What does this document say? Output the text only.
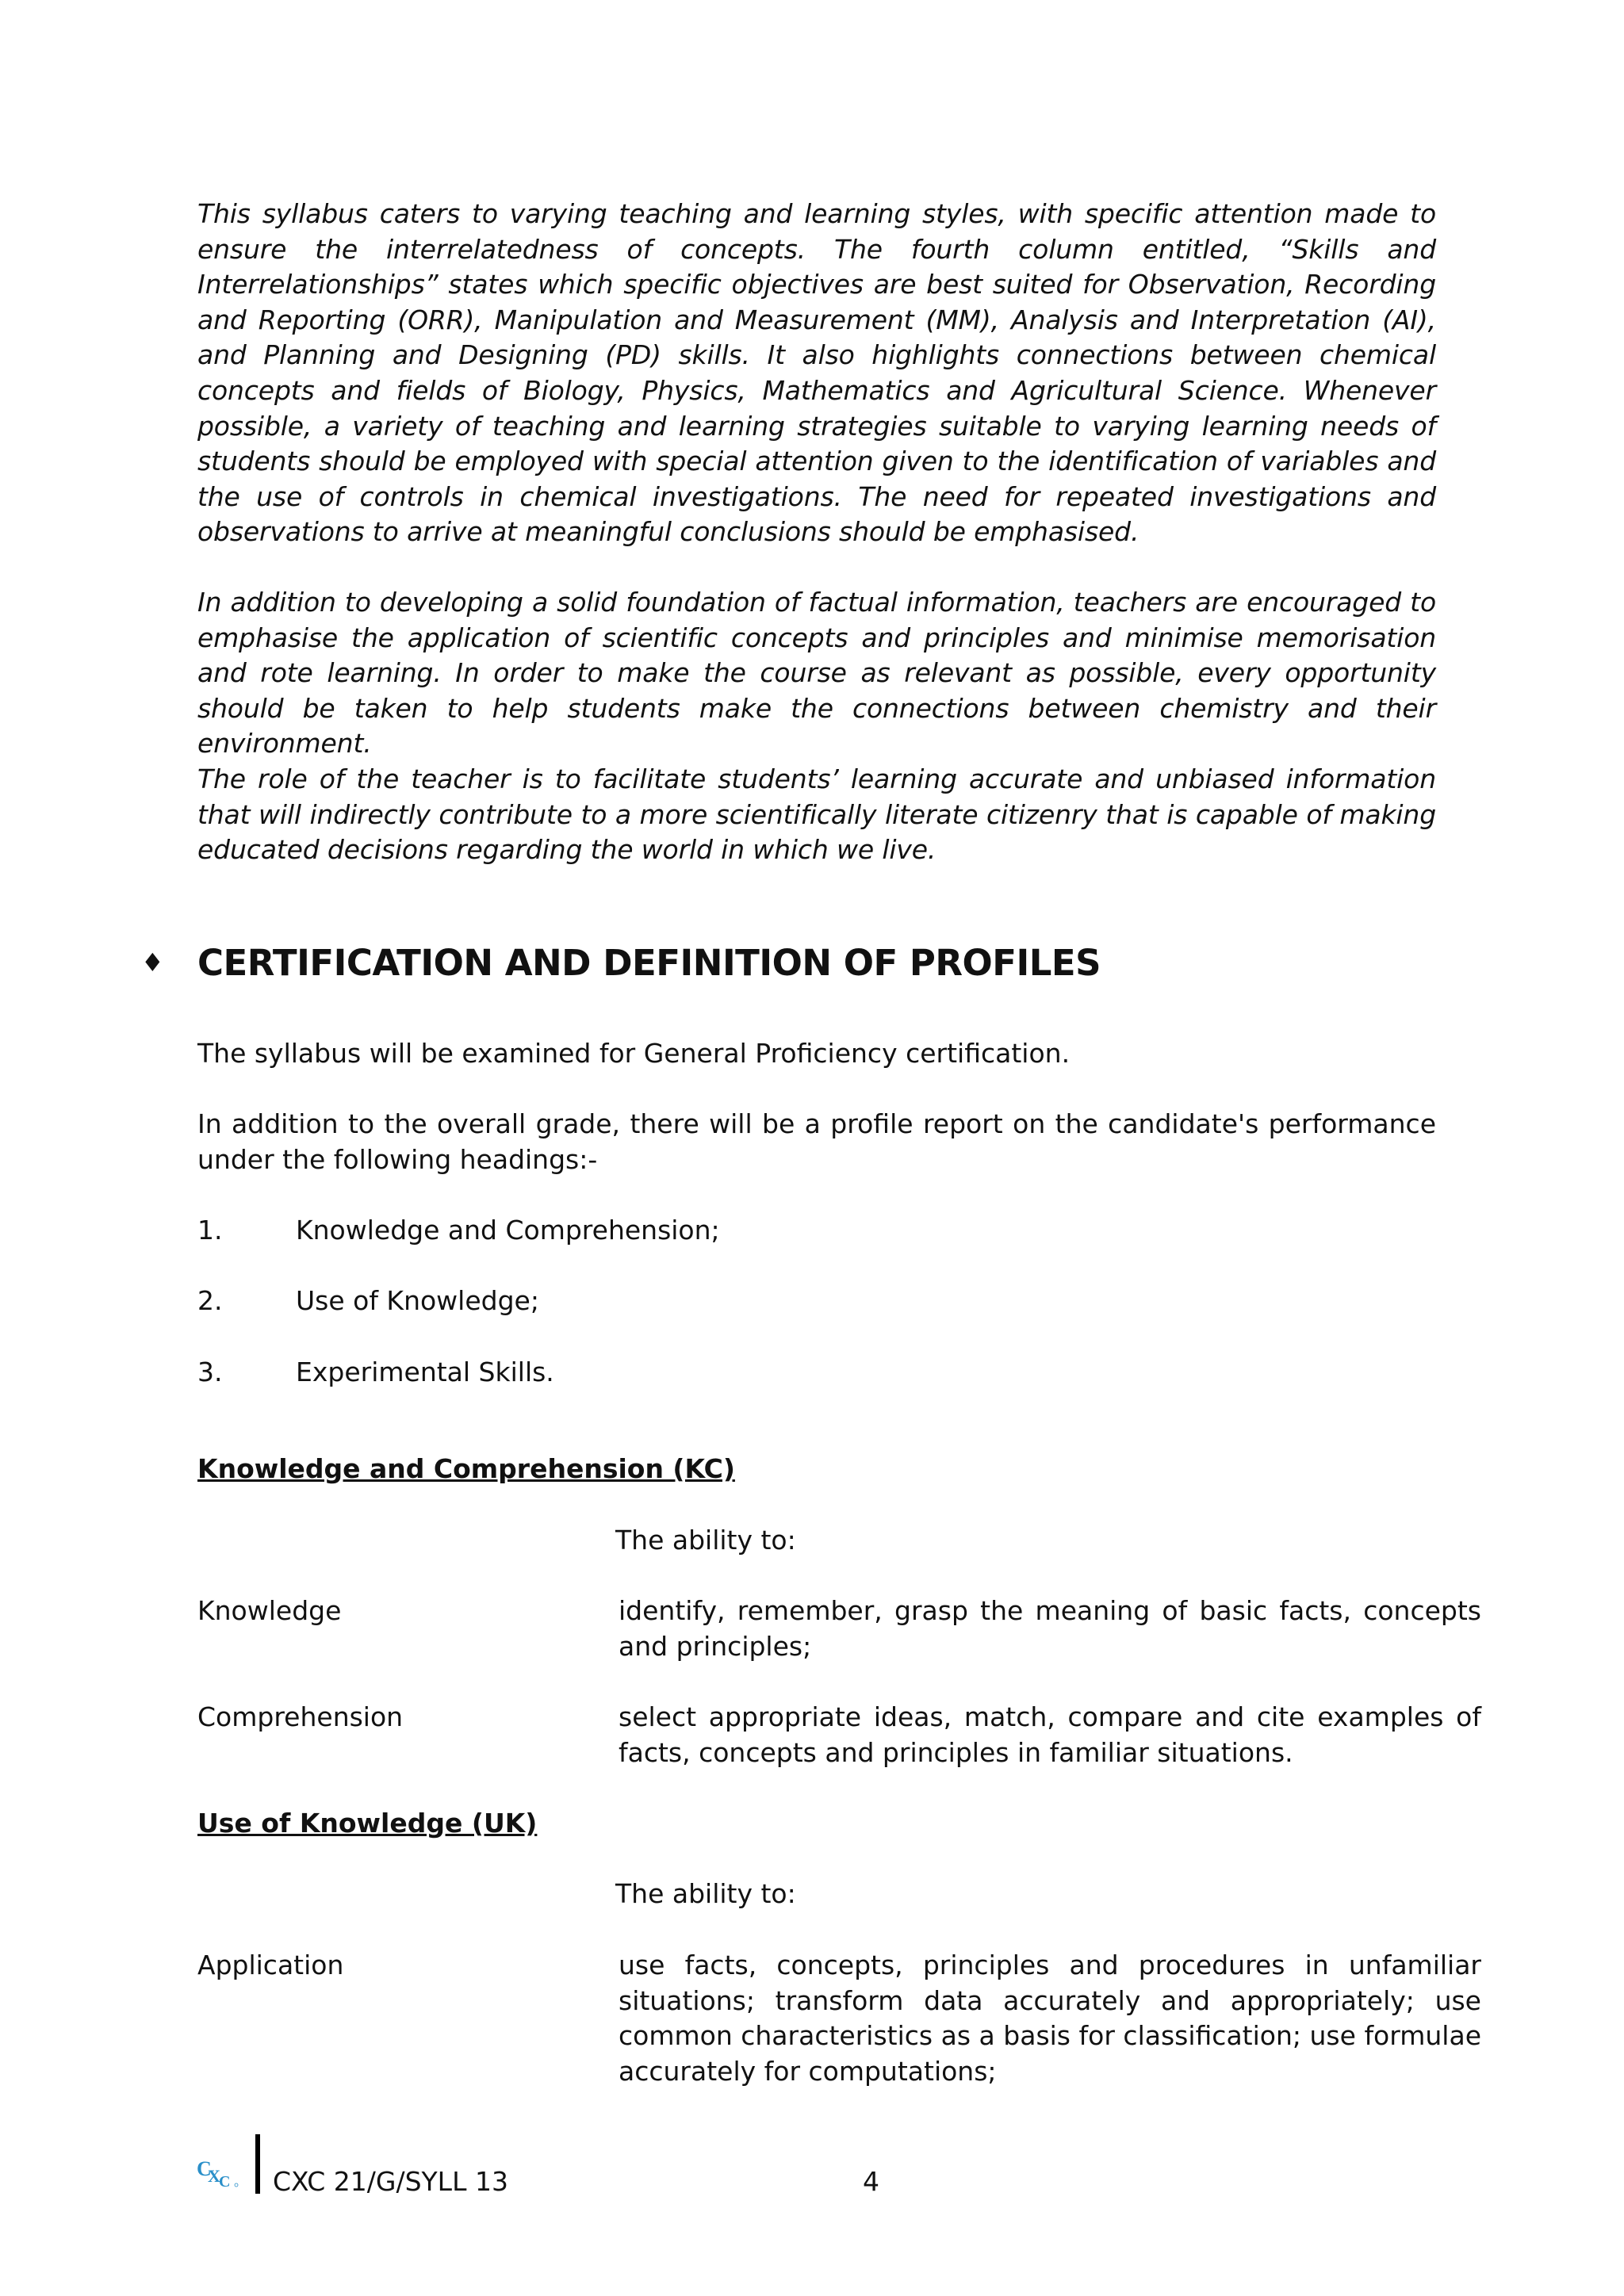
This syllabus caters to varying teaching and learning styles, with specific attention made to ensure the interrelatedness of concepts. The fourth column entitled, “Skills and Interrelationships” states which specific objectives are best suited for Observation, Recording and Reporting (ORR), Manipulation and Measurement (MM), Analysis and Interpretation (AI), and Planning and Designing (PD) skills. It also highlights connections between chemical concepts and fields of Biology, Physics, Mathematics and Agricultural Science. Whenever possible, a variety of teaching and learning strategies suitable to varying learning needs of students should be employed with special attention given to the identification of variables and the use of controls in chemical investigations. The need for repeated investigations and observations to arrive at meaningful conclusions should be emphasised.

In addition to developing a solid foundation of factual information, teachers are encouraged to emphasise the application of scientific concepts and principles and minimise memorisation and rote learning. In order to make the course as relevant as possible, every opportunity should be taken to help students make the connections between chemistry and their environment.

The role of the teacher is to facilitate students’ learning accurate and unbiased information that will indirectly contribute to a more scientifically literate citizenry that is capable of making educated decisions regarding the world in which we live.

♦ CERTIFICATION AND DEFINITION OF PROFILES

The syllabus will be examined for General Proficiency certification.

In addition to the overall grade, there will be a profile report on the candidate's performance under the following headings:-

1.	Knowledge and Comprehension;
2.	Use of Knowledge;
3.	Experimental Skills.
Knowledge and Comprehension (KC)
The ability to:
Knowledge	identify, remember, grasp the meaning of basic facts, concepts and principles;

Comprehension	select appropriate ideas, match, compare and cite examples of facts, concepts and principles in familiar situations.

Use of Knowledge (UK)
The ability to:
Application	use facts, concepts, principles and procedures in unfamiliar situations; transform data accurately and appropriately; use common characteristics as a basis for classification; use formulae accurately for computations;

C
X
C CXC 21/G/SYLL 13	4
